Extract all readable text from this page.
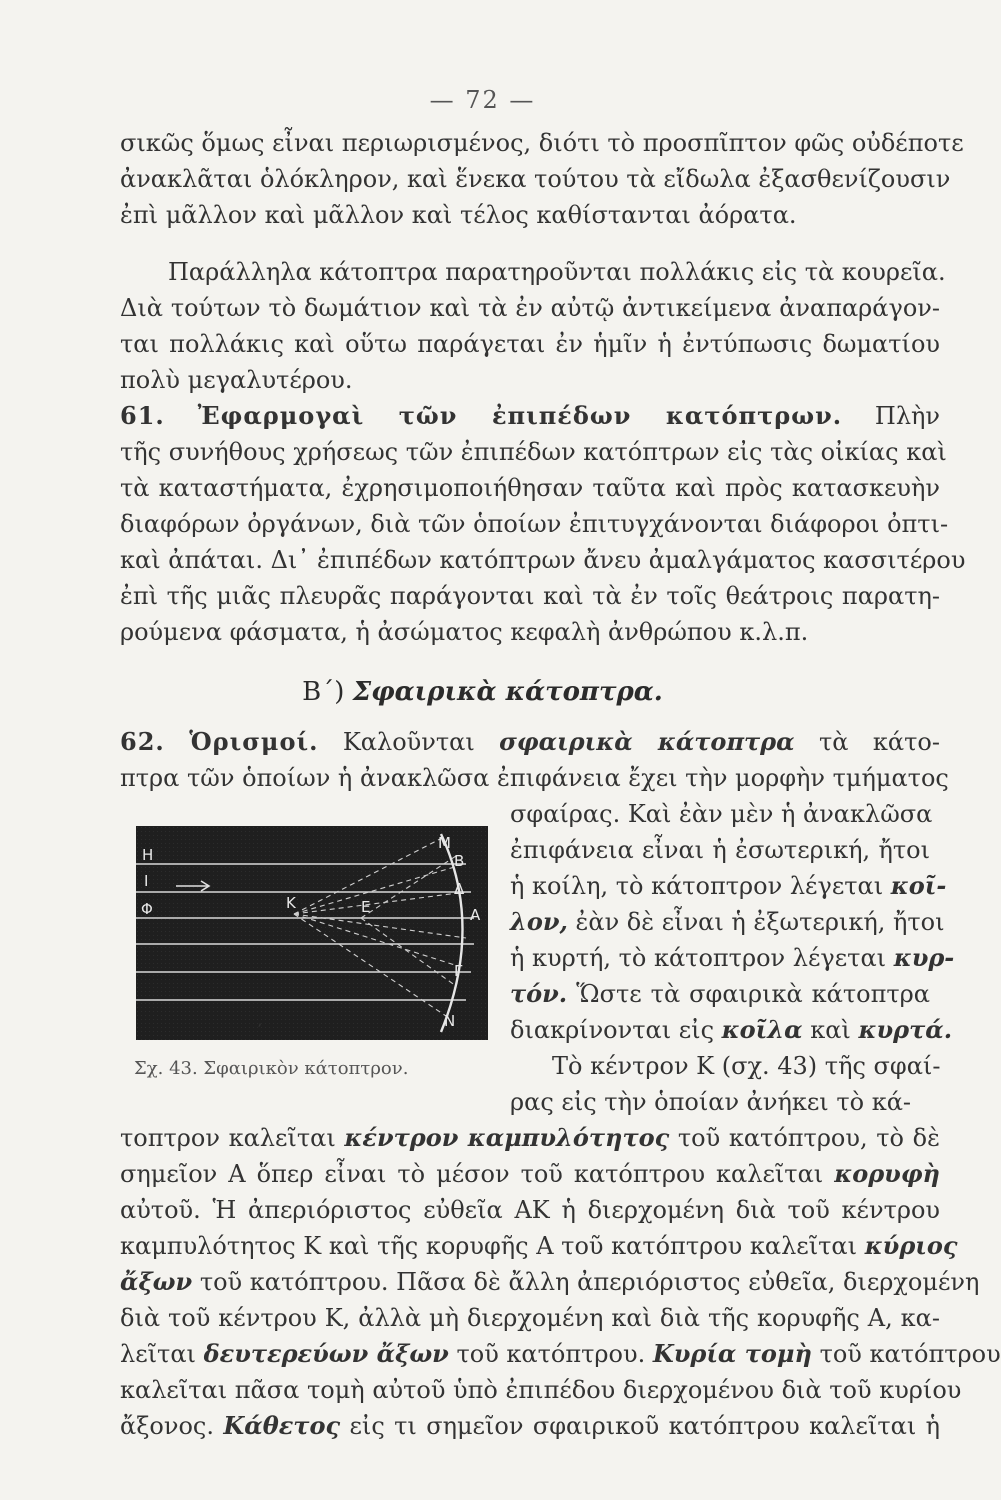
— 72 —
σικῶς ὅμως εἶναι περιωρισμένος, διότι τὸ προσπῖπτον φῶς οὐδέποτε
ἀνακλᾶται ὁλόκληρον, καὶ ἕνεκα τούτου τὰ εἴδωλα ἐξασθενίζουσιν
ἐπὶ μᾶλλον καὶ μᾶλλον καὶ τέλος καθίστανται ἀόρατα.
Παράλληλα κάτοπτρα παρατηροῦνται πολλάκις εἰς τὰ κουρεῖα.
Διὰ τούτων τὸ δωμάτιον καὶ τὰ ἐν αὐτῷ ἀντικείμενα ἀναπαράγον-
ται πολλάκις καὶ οὕτω παράγεται ἐν ἡμῖν ἡ ἐντύπωσις δωματίου
πολὺ μεγαλυτέρου.
61. Ἐφαρμογαὶ τῶν ἐπιπέδων κατόπτρων. Πλὴν
τῆς συνήθους χρήσεως τῶν ἐπιπέδων κατόπτρων εἰς τὰς οἰκίας καὶ
τὰ καταστήματα, ἐχρησιμοποιήθησαν ταῦτα καὶ πρὸς κατασκευὴν
διαφόρων ὀργάνων, διὰ τῶν ὁποίων ἐπιτυγχάνονται διάφοροι ὀπτι-
καὶ ἀπάται. Δι᾽ ἐπιπέδων κατόπτρων ἄνευ ἀμαλγάματος κασσιτέρου
ἐπὶ τῆς μιᾶς πλευρᾶς παράγονται καὶ τὰ ἐν τοῖς θεάτροις παρατη-
ρούμενα φάσματα, ἡ ἀσώματος κεφαλὴ ἀνθρώπου κ.λ.π.
Β´) Σφαιρικὰ κάτοπτρα.
62. Ὁρισμοί. Καλοῦνται σφαιρικὰ κάτοπτρα τὰ κάτο-
πτρα τῶν ὁποίων ἡ ἀνακλῶσα ἐπιφάνεια ἔχει τὴν μορφὴν τμήματος
σφαίρας. Καὶ ἐὰν μὲν ἡ ἀνακλῶσα
ἐπιφάνεια εἶναι ἡ ἐσωτερική, ἤτοι
ἡ κοίλη, τὸ κάτοπτρον λέγεται κοῖ-
λον, ἐὰν δὲ εἶναι ἡ ἐξωτερική, ἤτοι
ἡ κυρτή, τὸ κάτοπτρον λέγεται κυρ-
τόν. Ὥστε τὰ σφαιρικὰ κάτοπτρα
διακρίνονται εἰς κοῖλα καὶ κυρτά.
Τὸ κέντρον Κ (σχ. 43) τῆς σφαί-
ρας εἰς τὴν ὁποίαν ἀνήκει τὸ κά-
Η
Ι
Φ	Κ	Ε
Μ
Β
Δ
Α
Γ
Ν
ʼ
Σχ. 43. Σφαιρικὸν κάτοπτρον.
τοπτρον καλεῖται κέντρον καμπυλότητος τοῦ κατόπτρου, τὸ δὲ
σημεῖον Α ὅπερ εἶναι τὸ μέσον τοῦ κατόπτρου καλεῖται κορυφὴ
αὐτοῦ. Ἡ ἀπεριόριστος εὐθεῖα ΑΚ ἡ διερχομένη διὰ τοῦ κέντρου
καμπυλότητος Κ καὶ τῆς κορυφῆς Α τοῦ κατόπτρου καλεῖται κύριος
ἄξων τοῦ κατόπτρου. Πᾶσα δὲ ἄλλη ἀπεριόριστος εὐθεῖα, διερχομένη
διὰ τοῦ κέντρου Κ, ἀλλὰ μὴ διερχομένη καὶ διὰ τῆς κορυφῆς Α, κα-
λεῖται δευτερεύων ἄξων τοῦ κατόπτρου. Κυρία τομὴ τοῦ κατόπτρου
καλεῖται πᾶσα τομὴ αὐτοῦ ὑπὸ ἐπιπέδου διερχομένου διὰ τοῦ κυρίου
ἄξονος. Κάθετος εἰς τι σημεῖον σφαιρικοῦ κατόπτρου καλεῖται ἡ
